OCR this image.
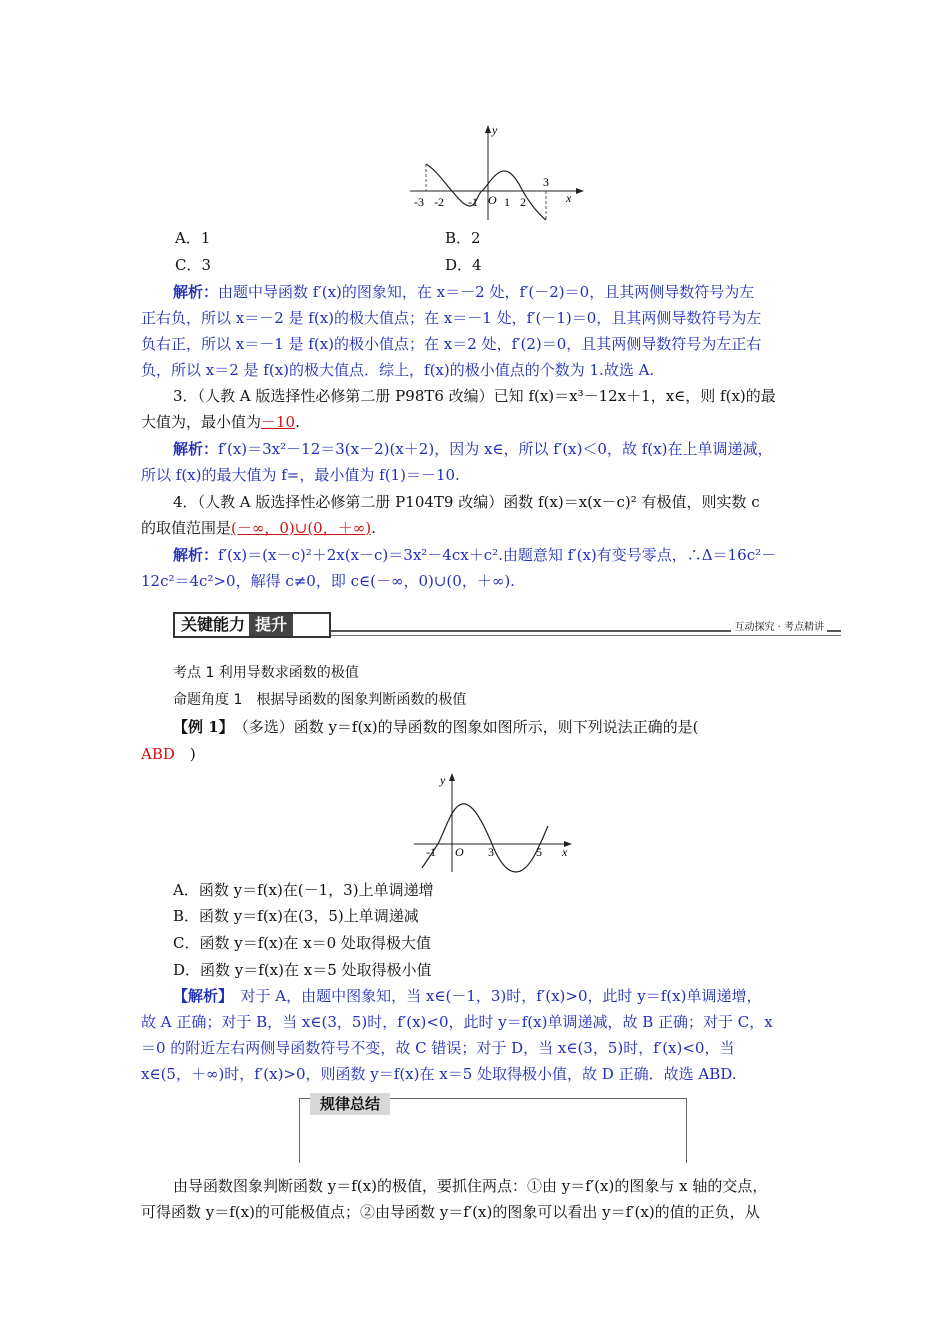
y
x
O
-3 -2 -1 1 2
3
A．1	B．2
C．3	D．4
解析：由题中导函数 f′(x)的图象知，在 x＝－2 处，f′(－2)＝0，且其两侧导数符号为左
正右负，所以 x＝－2 是 f(x)的极大值点；在 x＝－1 处，f′(－1)＝0，且其两侧导数符号为左
负右正，所以 x＝－1 是 f(x)的极小值点；在 x＝2 处，f′(2)＝0，且其两侧导数符号为左正右
负，所以 x＝2 是 f(x)的极大值点．综上，f(x)的极小值点的个数为 1.故选 A.
3．（人教 A 版选择性必修第二册 P98T6 改编）已知 f(x)＝x³－12x＋1，x∈，则 f(x)的最
大值为，最小值为－10.
解析：f′(x)＝3x²－12＝3(x－2)(x＋2)，因为 x∈，所以 f′(x)＜0，故 f(x)在上单调递减，
所以 f(x)的最大值为 f=，最小值为 f(1)＝－10.
4．（人教 A 版选择性必修第二册 P104T9 改编）函数 f(x)＝x(x－c)² 有极值，则实数 c
的取值范围是(－∞，0)∪(0，＋∞).
解析：f′(x)＝(x－c)²＋2x(x－c)＝3x²－4cx＋c².由题意知 f′(x)有变号零点，∴Δ＝16c²－
12c²＝4c²>0，解得 c≠0，即 c∈(－∞，0)∪(0，＋∞).
关键能力 提升	互动探究 · 考点精讲
考点 1 利用导数求函数的极值
命题角度 1　根据导函数的图象判断函数的极值
【例 1】　 （多选）函数 y＝f(x)的导函数的图象如图所示，则下列说法正确的是(
ABD　 )
y
x
O
-1	3	5
A．函数 y＝f(x)在(－1，3)上单调递增
B．函数 y＝f(x)在(3，5)上单调递减
C．函数 y＝f(x)在 x＝0 处取得极大值
D．函数 y＝f(x)在 x＝5 处取得极小值
【解析】　 对于 A，由题中图象知，当 x∈(－1，3)时，f′(x)>0，此时 y＝f(x)单调递增，
故 A 正确；对于 B，当 x∈(3，5)时，f′(x)<0，此时 y＝f(x)单调递减，故 B 正确；对于 C，x
＝0 的附近左右两侧导函数符号不变，故 C 错误；对于 D，当 x∈(3，5)时，f′(x)<0，当
x∈(5，＋∞)时，f′(x)>0，则函数 y＝f(x)在 x＝5 处取得极小值，故 D 正确．故选 ABD.
规律总结
由导函数图象判断函数 y＝f(x)的极值，要抓住两点：①由 y＝f′(x)的图象与 x 轴的交点，
可得函数 y＝f(x)的可能极值点；②由导函数 y＝f′(x)的图象可以看出 y＝f′(x)的值的正负，从
